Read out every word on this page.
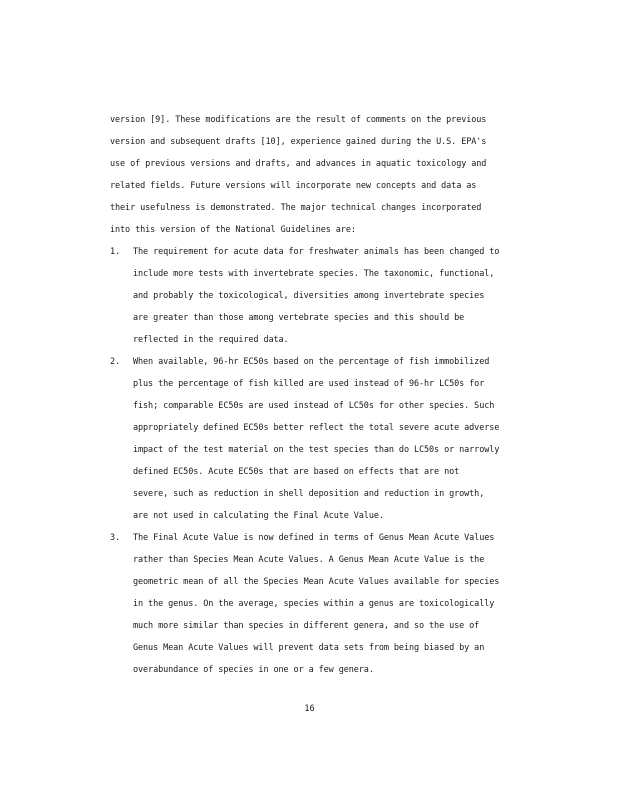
version [9]. These modifications are the result of comments on the previous
version and subsequent drafts [10], experience gained during the U.S. EPA's
use of previous versions and drafts, and advances in aquatic toxicology and
related fields. Future versions will incorporate new concepts and data as
their usefulness is demonstrated. The major technical changes incorporated
into this version of the National Guidelines are:
1. The requirement for acute data for freshwater animals has been changed to
include more tests with invertebrate species. The taxonomic, functional,
and probably the toxicological, diversities among invertebrate species
are greater than those among vertebrate species and this should be
reflected in the required data.
2. When available, 96-hr EC50s based on the percentage of fish immobilized
plus the percentage of fish killed are used instead of 96-hr LC50s for
fish; comparable EC50s are used instead of LC50s for other species. Such
appropriately defined EC50s better reflect the total severe acute adverse
impact of the test material on the test species than do LC50s or narrowly
defined EC50s. Acute EC50s that are based on effects that are not
severe, such as reduction in shell deposition and reduction in growth,
are not used in calculating the Final Acute Value.
3. The Final Acute Value is now defined in terms of Genus Mean Acute Values
rather than Species Mean Acute Values. A Genus Mean Acute Value is the
geometric mean of all the Species Mean Acute Values available for species
in the genus. On the average, species within a genus are toxicologically
much more similar than species in different genera, and so the use of
Genus Mean Acute Values will prevent data sets from being biased by an
overabundance of species in one or a few genera.
16
